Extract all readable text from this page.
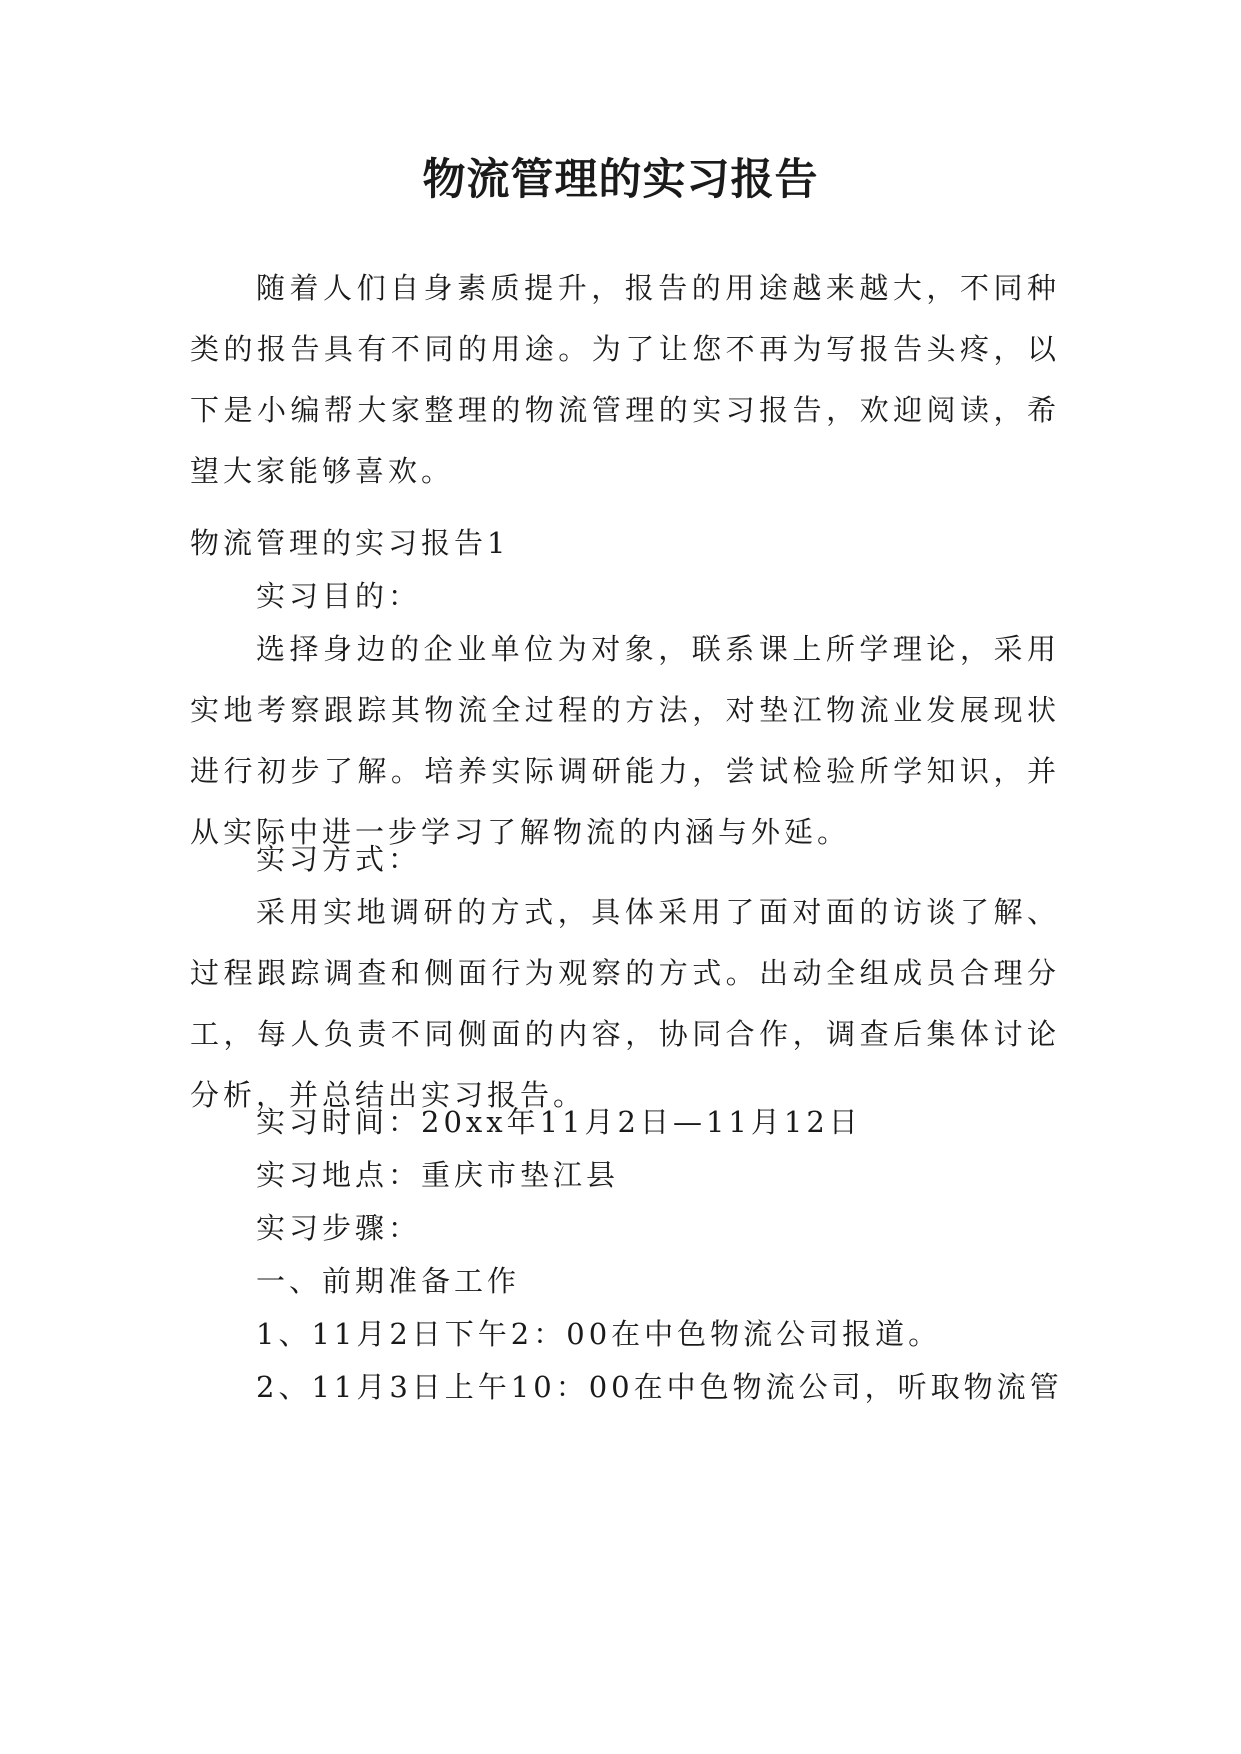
物流管理的实习报告

随着人们自身素质提升，报告的用途越来越大，不同种类的报告具有不同的用途。为了让您不再为写报告头疼，以下是小编帮大家整理的物流管理的实习报告，欢迎阅读，希望大家能够喜欢。

物流管理的实习报告1

实习目的：

选择身边的企业单位为对象，联系课上所学理论，采用实地考察跟踪其物流全过程的方法，对垫江物流业发展现状进行初步了解。培养实际调研能力，尝试检验所学知识，并从实际中进一步学习了解物流的内涵与外延。

实习方式：

采用实地调研的方式，具体采用了面对面的访谈了解、过程跟踪调查和侧面行为观察的方式。出动全组成员合理分工，每人负责不同侧面的内容，协同合作，调查后集体讨论分析，并总结出实习报告。

实习时间：20xx年11月2日—11月12日

实习地点：重庆市垫江县

实习步骤：

一、前期准备工作

1、11月2日下午2：00在中色物流公司报道。

2、11月3日上午10：00在中色物流公司，听取物流管
